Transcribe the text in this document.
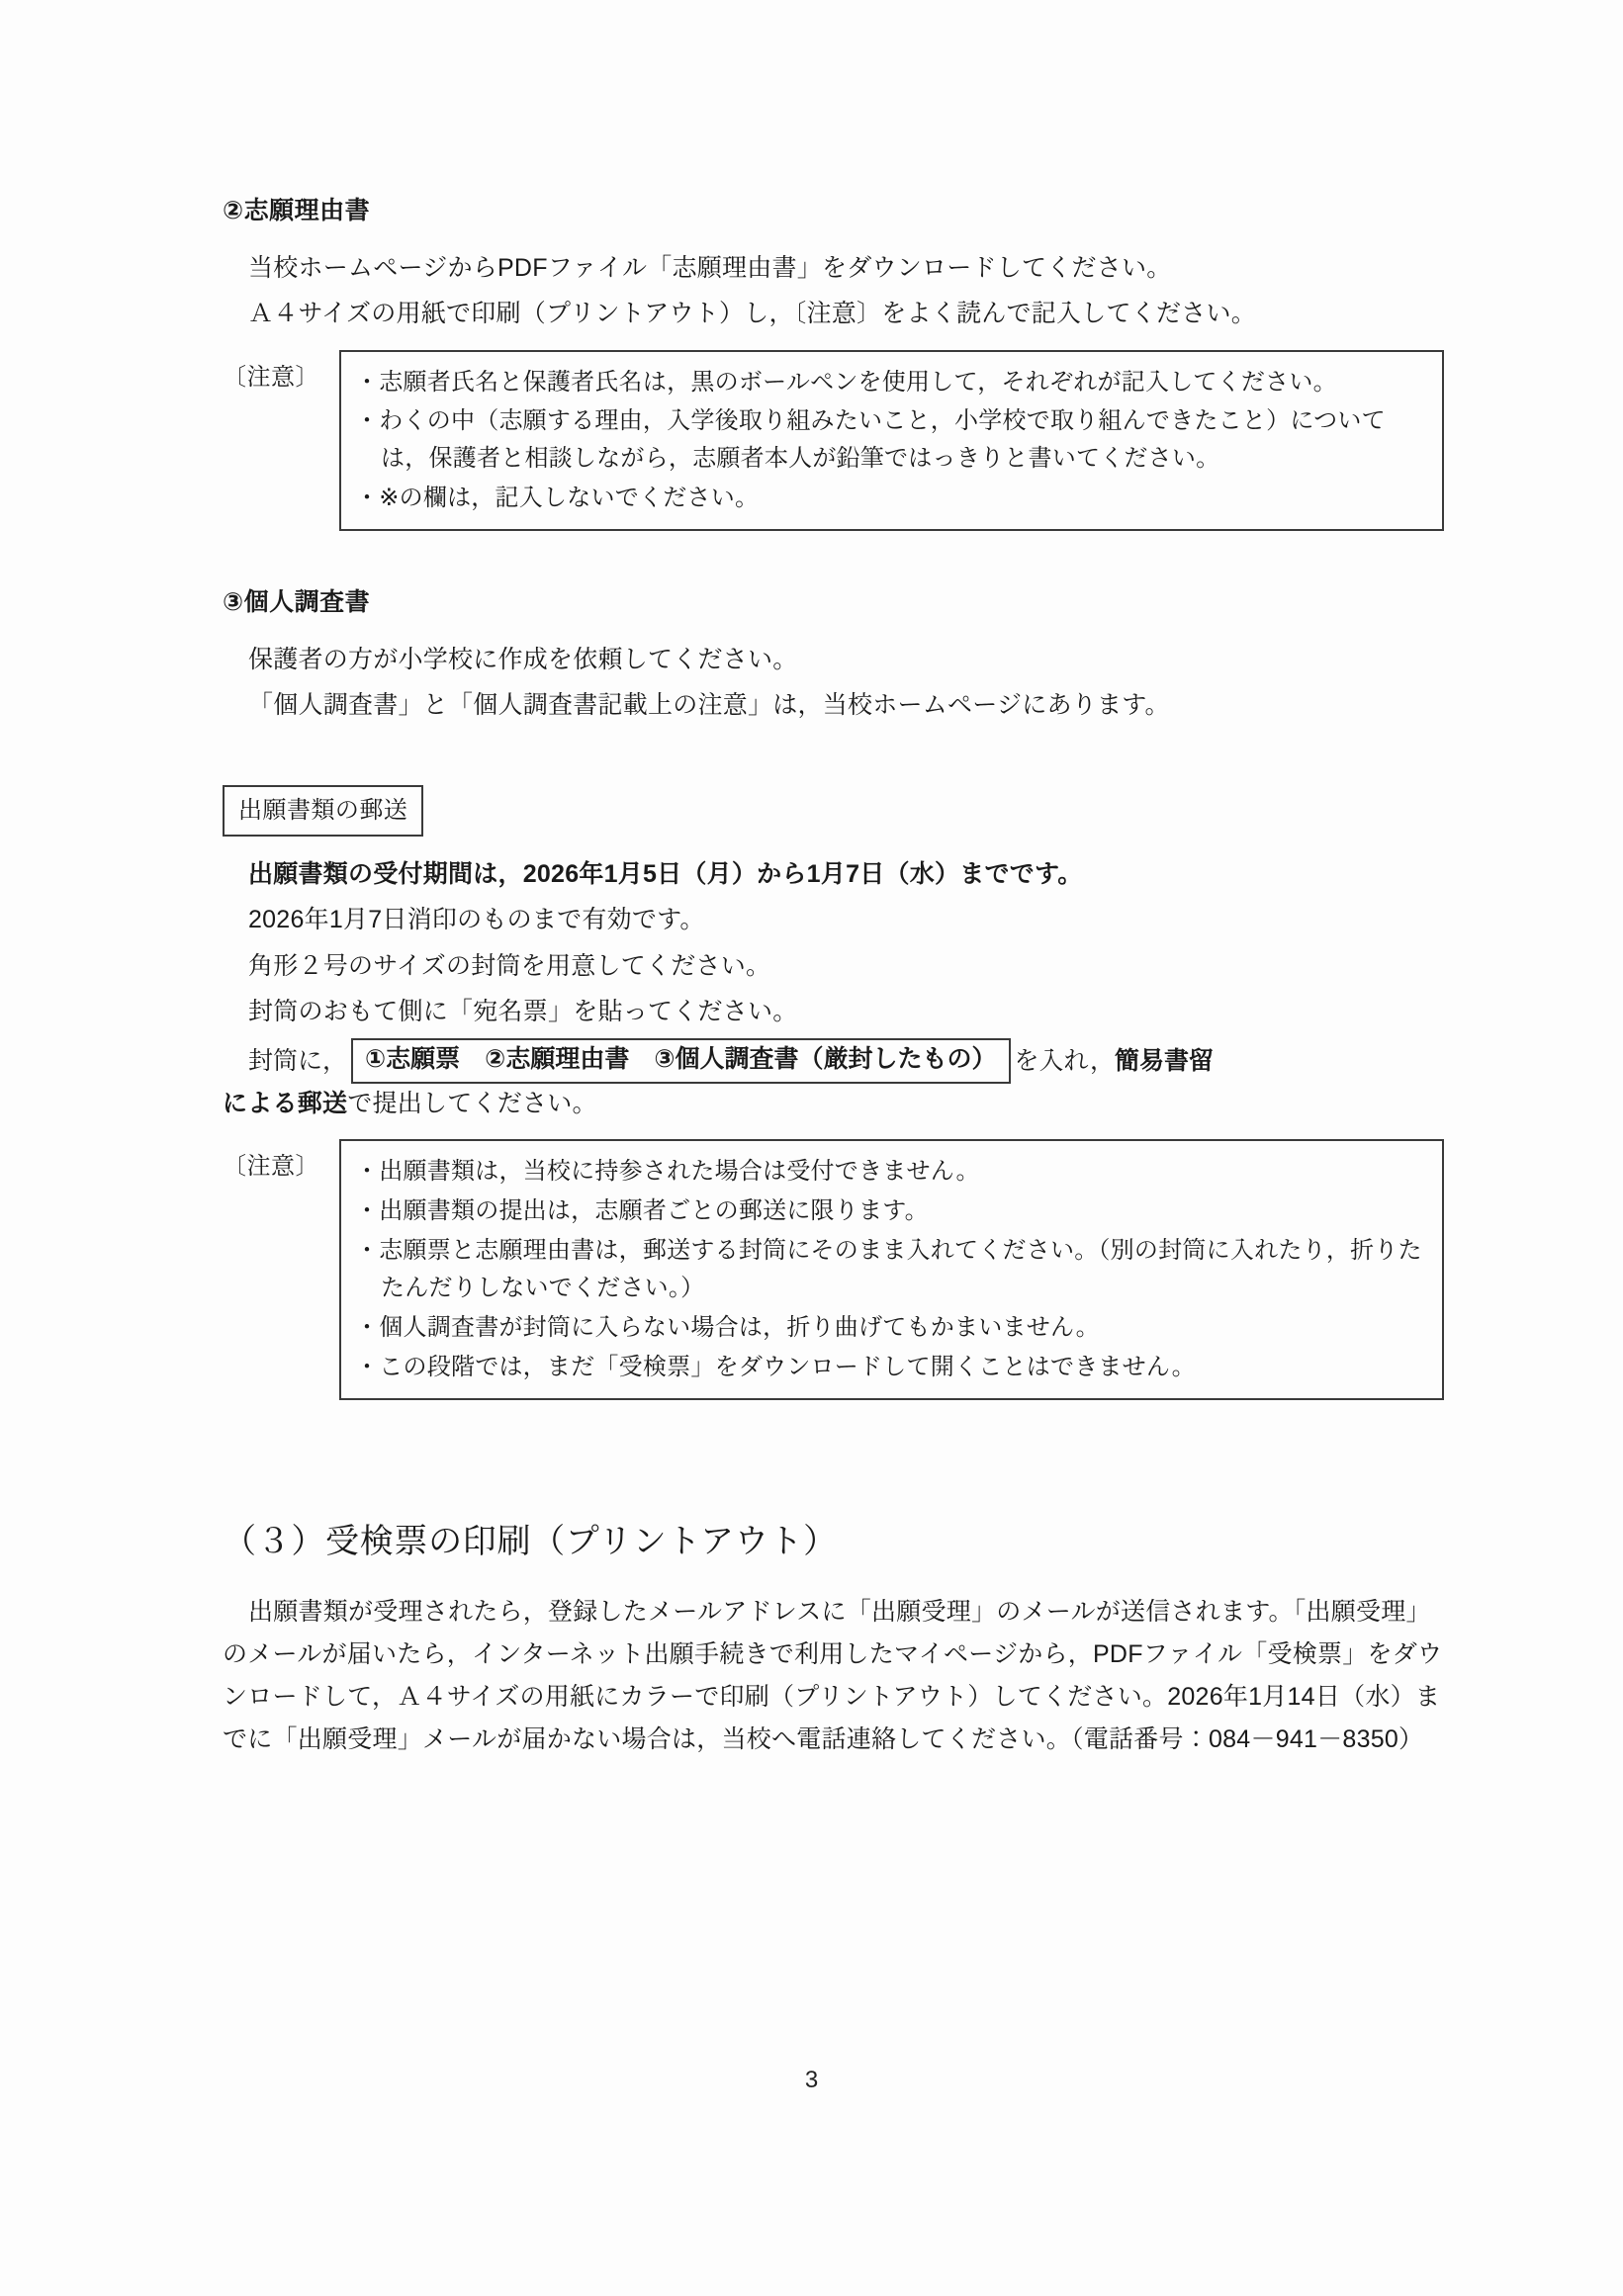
②志願理由書

当校ホームページからPDFファイル「志願理由書」をダウンロードしてください。

Ａ４サイズの用紙で印刷（プリントアウト）し，〔注意〕をよく読んで記入してください。

〔注意〕	・志願者氏名と保護者氏名は，黒のボールペンを使用して，それぞれが記入してください。

・わくの中（志願する理由，入学後取り組みたいこと，小学校で取り組んできたこと）については，保護者と相談しながら，志願者本人が鉛筆ではっきりと書いてください。

・※の欄は，記入しないでください。

③個人調査書

保護者の方が小学校に作成を依頼してください。

「個人調査書」と「個人調査書記載上の注意」は，当校ホームページにあります。

出願書類の郵送

出願書類の受付期間は，2026年1月5日（月）から1月7日（水）までです。

2026年1月7日消印のものまで有効です。

角形２号のサイズの封筒を用意してください。

封筒のおもて側に「宛名票」を貼ってください。

封筒に， ①志願票　②志願理由書　③個人調査書（厳封したもの） を入れ， 簡易書留

による郵送で提出してください。

〔注意〕	・出願書類は，当校に持参された場合は受付できません。

・出願書類の提出は，志願者ごとの郵送に限ります。

・志願票と志願理由書は，郵送する封筒にそのまま入れてください。（別の封筒に入れたり，折りたたんだりしないでください。）

・個人調査書が封筒に入らない場合は，折り曲げてもかまいません。

・この段階では，まだ「受検票」をダウンロードして開くことはできません。

（３）受検票の印刷（プリントアウト）

出願書類が受理されたら，登録したメールアドレスに「出願受理」のメールが送信されます。「出願受理」のメールが届いたら，インターネット出願手続きで利用したマイページから，PDFファイル「受検票」をダウンロードして，Ａ４サイズの用紙にカラーで印刷（プリントアウト）してください。2026年1月14日（水）までに「出願受理」メールが届かない場合は，当校へ電話連絡してください。（電話番号：084－941－8350）

3
